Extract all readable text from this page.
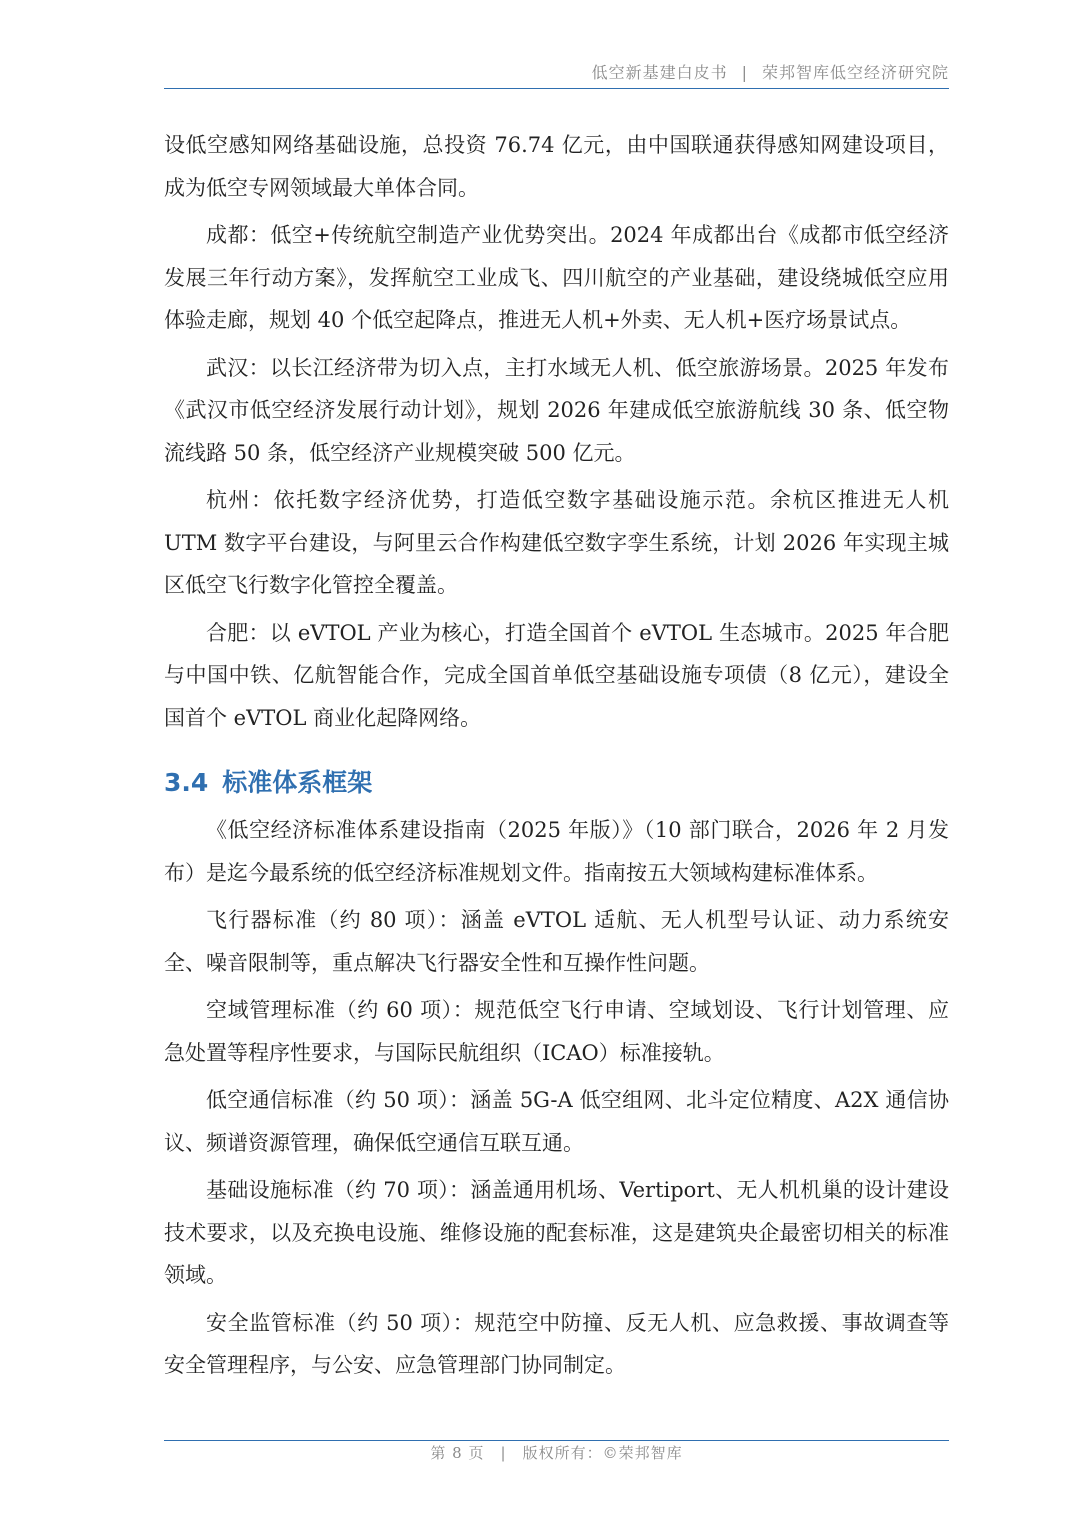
低空新基建白皮书 | 荣邦智库低空经济研究院

设低空感知网络基础设施，总投资 76.74 亿元，由中国联通获得感知网建设项目，成为低空专网领域最大单体合同。

成都：低空+传统航空制造产业优势突出。2024 年成都出台《成都市低空经济发展三年行动方案》，发挥航空工业成飞、四川航空的产业基础，建设绕城低空应用体验走廊，规划 40 个低空起降点，推进无人机+外卖、无人机+医疗场景试点。

武汉：以长江经济带为切入点，主打水域无人机、低空旅游场景。2025 年发布《武汉市低空经济发展行动计划》，规划 2026 年建成低空旅游航线 30 条、低空物流线路 50 条，低空经济产业规模突破 500 亿元。

杭州：依托数字经济优势，打造低空数字基础设施示范。余杭区推进无人机 UTM 数字平台建设，与阿里云合作构建低空数字孪生系统，计划 2026 年实现主城区低空飞行数字化管控全覆盖。

合肥：以 eVTOL 产业为核心，打造全国首个 eVTOL 生态城市。2025 年合肥与中国中铁、亿航智能合作，完成全国首单低空基础设施专项债（8 亿元），建设全国首个 eVTOL 商业化起降网络。

3.4 标准体系框架

《低空经济标准体系建设指南（2025 年版）》（10 部门联合，2026 年 2 月发布）是迄今最系统的低空经济标准规划文件。指南按五大领域构建标准体系。

飞行器标准（约 80 项）：涵盖 eVTOL 适航、无人机型号认证、动力系统安全、噪音限制等，重点解决飞行器安全性和互操作性问题。

空域管理标准（约 60 项）：规范低空飞行申请、空域划设、飞行计划管理、应急处置等程序性要求，与国际民航组织（ICAO）标准接轨。

低空通信标准（约 50 项）：涵盖 5G-A 低空组网、北斗定位精度、A2X 通信协议、频谱资源管理，确保低空通信互联互通。

基础设施标准（约 70 项）：涵盖通用机场、Vertiport、无人机机巢的设计建设技术要求，以及充换电设施、维修设施的配套标准，这是建筑央企最密切相关的标准领域。

安全监管标准（约 50 项）：规范空中防撞、反无人机、应急救援、事故调查等安全管理程序，与公安、应急管理部门协同制定。

第 8 页 | 版权所有：©荣邦智库
